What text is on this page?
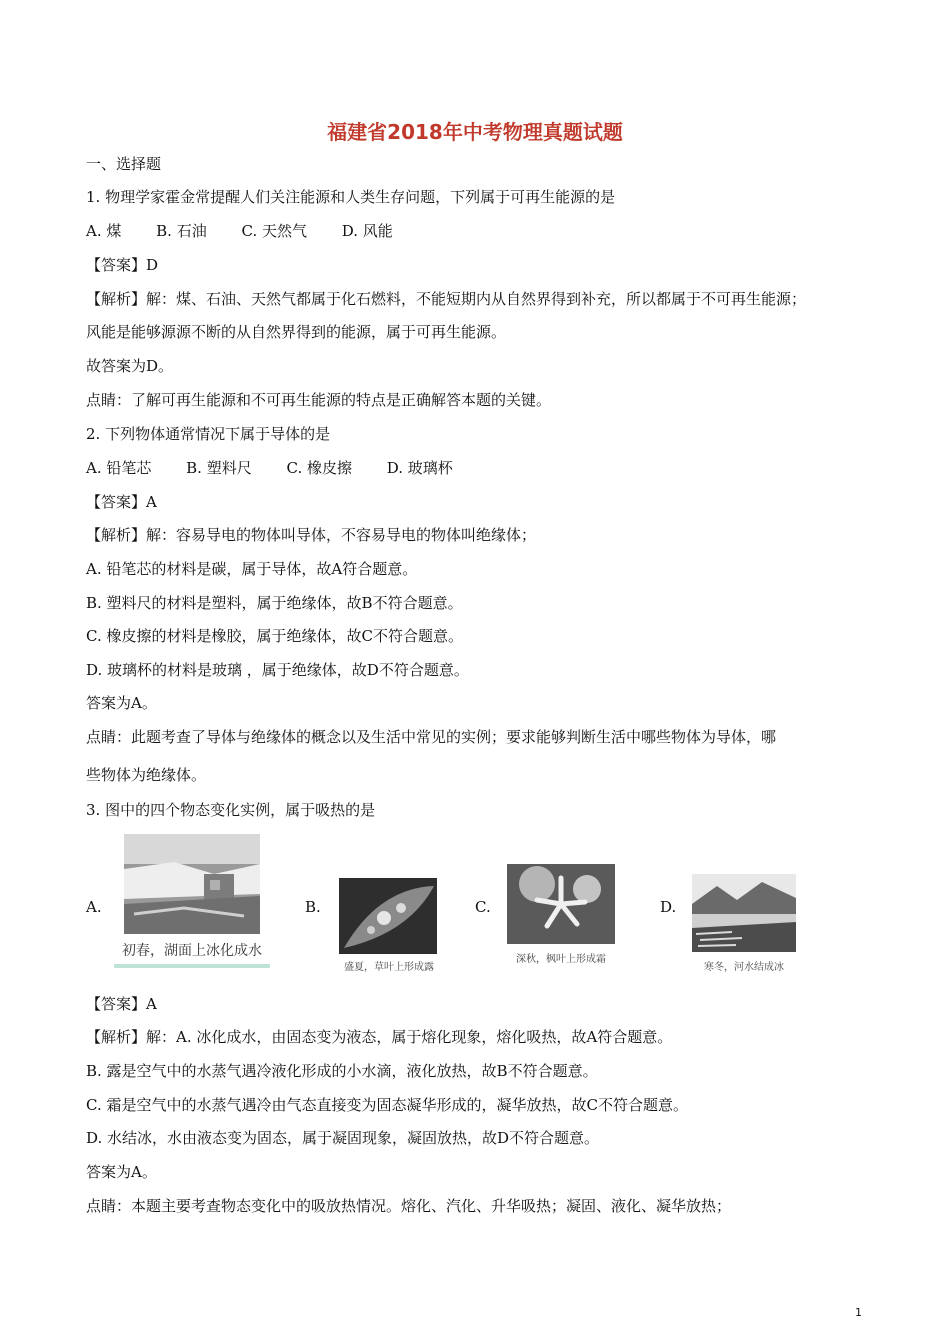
福建省2018年中考物理真题试题
一、选择题
1. 物理学家霍金常提醒人们关注能源和人类生存问题，下列属于可再生能源的是
A. 煤 B. 石油 C. 天然气 D. 风能
【答案】D
【解析】解：煤、石油、天然气都属于化石燃料，不能短期内从自然界得到补充，所以都属于不可再生能源；
风能是能够源源不断的从自然界得到的能源，属于可再生能源。
故答案为D。
点睛：了解可再生能源和不可再生能源的特点是正确解答本题的关键。
2. 下列物体通常情况下属于导体的是
A. 铅笔芯 B. 塑料尺 C. 橡皮擦 D. 玻璃杯
【答案】A
【解析】解：容易导电的物体叫导体，不容易导电的物体叫绝缘体；
A. 铅笔芯的材料是碳，属于导体，故A符合题意。
B. 塑料尺的材料是塑料，属于绝缘体，故B不符合题意。
C. 橡皮擦的材料是橡胶，属于绝缘体，故C不符合题意。
D. 玻璃杯的材料是玻璃 ，属于绝缘体，故D不符合题意。
答案为A。
点睛：此题考查了导体与绝缘体的概念以及生活中常见的实例；要求能够判断生活中哪些物体为导体，哪
些物体为绝缘体。
3. 图中的四个物态变化实例，属于吸热的是
A.
初春，湖面上冰化成水
B.
盛夏，草叶上形成露
C.
深秋，枫叶上形成霜
D.
寒冬，河水结成冰
【答案】A
【解析】解：A. 冰化成水，由固态变为液态，属于熔化现象，熔化吸热，故A符合题意。
B. 露是空气中的水蒸气遇冷液化形成的小水滴，液化放热，故B不符合题意。
C. 霜是空气中的水蒸气遇冷由气态直接变为固态凝华形成的，凝华放热，故C不符合题意。
D. 水结冰，水由液态变为固态，属于凝固现象，凝固放热，故D不符合题意。
答案为A。
点睛：本题主要考查物态变化中的吸放热情况。熔化、汽化、升华吸热；凝固、液化、凝华放热；
1
